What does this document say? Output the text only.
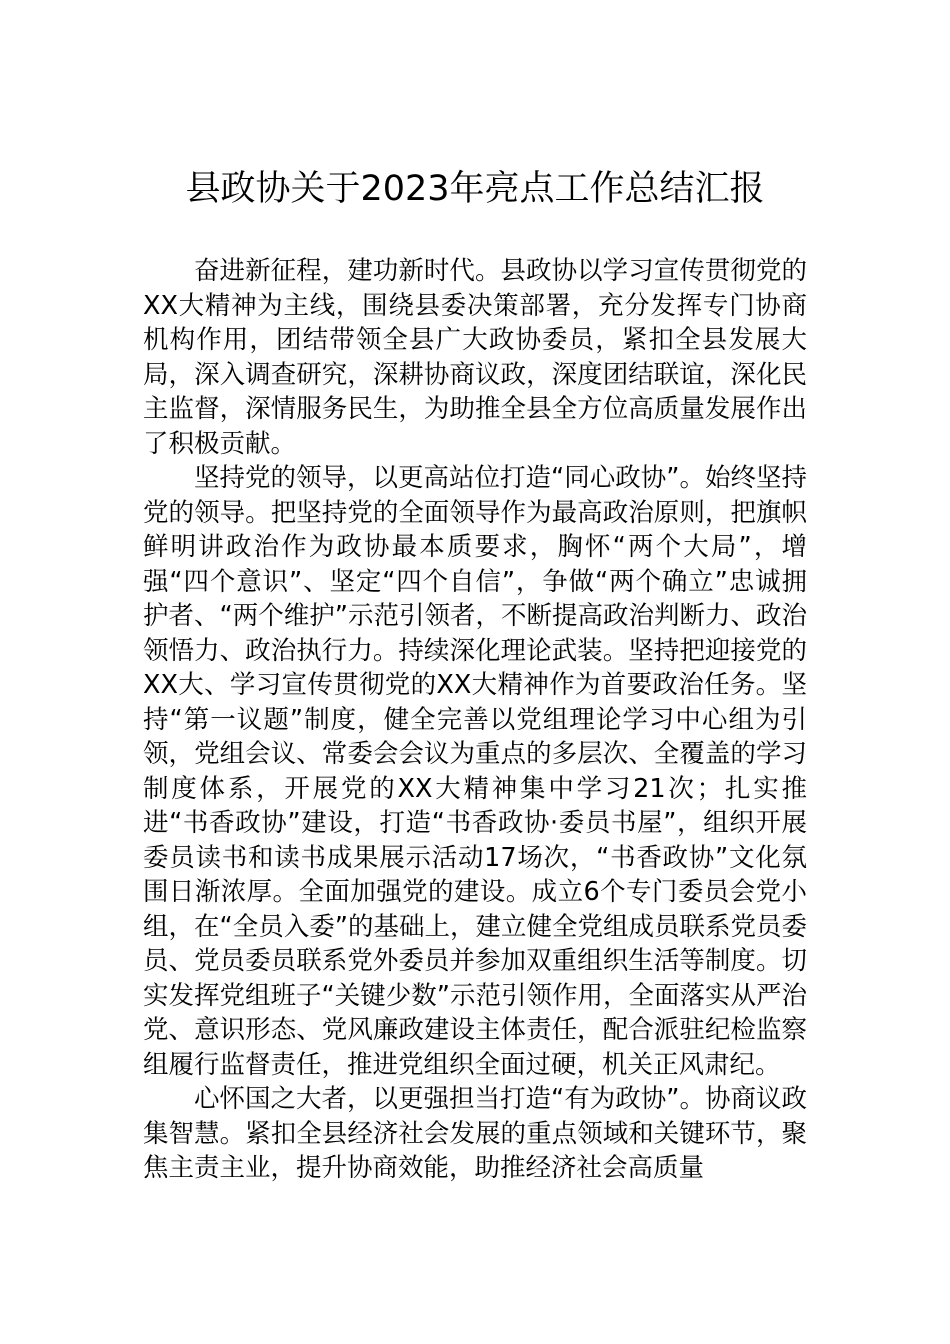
县政协关于2023年亮点工作总结汇报

奋进新征程，建功新时代。县政协以学习宣传贯彻党的XX大精神为主线，围绕县委决策部署，充分发挥专门协商机构作用，团结带领全县广大政协委员，紧扣全县发展大局，深入调查研究，深耕协商议政，深度团结联谊，深化民主监督，深情服务民生，为助推全县全方位高质量发展作出了积极贡献。

坚持党的领导，以更高站位打造“同心政协”。始终坚持党的领导。把坚持党的全面领导作为最高政治原则，把旗帜鲜明讲政治作为政协最本质要求，胸怀“两个大局”，增强“四个意识”、坚定“四个自信”，争做“两个确立”忠诚拥护者、“两个维护”示范引领者，不断提高政治判断力、政治领悟力、政治执行力。持续深化理论武装。坚持把迎接党的XX大、学习宣传贯彻党的XX大精神作为首要政治任务。坚持“第一议题”制度，健全完善以党组理论学习中心组为引领，党组会议、常委会会议为重点的多层次、全覆盖的学习制度体系，开展党的XX大精神集中学习21次；扎实推进“书香政协”建设，打造“书香政协·委员书屋”，组织开展委员读书和读书成果展示活动17场次，“书香政协”文化氛围日渐浓厚。全面加强党的建设。成立6个专门委员会党小组，在“全员入委”的基础上，建立健全党组成员联系党员委员、党员委员联系党外委员并参加双重组织生活等制度。切实发挥党组班子“关键少数”示范引领作用，全面落实从严治党、意识形态、党风廉政建设主体责任，配合派驻纪检监察组履行监督责任，推进党组织全面过硬，机关正风肃纪。

心怀国之大者，以更强担当打造“有为政协”。协商议政集智慧。紧扣全县经济社会发展的重点领域和关键环节，聚焦主责主业，提升协商效能，助推经济社会高质量
